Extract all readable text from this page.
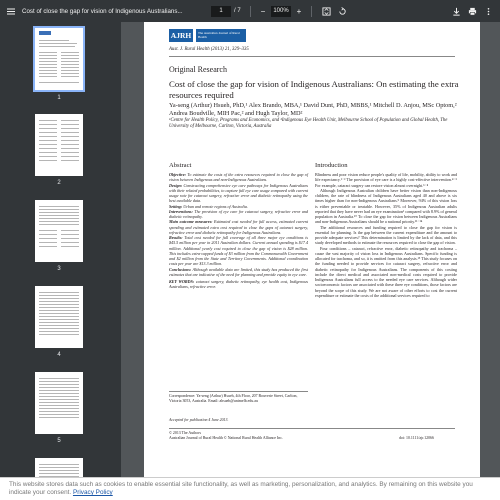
Cost of close the gap for vision of Indigenous Australians...	1	/ 7	−	100% +
1
2
3
4
5
AJRH	The Australian Journal of Rural Health
Aust. J. Rural Health (2013) 21, 329–335
Original Research
Cost of close the gap for vision of Indigenous Australians: On estimating the extra resources required
Ya-seng (Arthur) Hsueh, PhD,¹ Alex Brando, MBA,¹ David Dunt, PhD, MBBS,¹ Mitchell D. Anjou, MSc Optom,² Andrea Boudville, MIH Pac,² and Hugh Taylor, MD²
¹Centre for Health Policy, Programs and Economics, and ²Indigenous Eye Health Unit, Melbourne School of Population and Global Health, The University of Melbourne, Carlton, Victoria, Australia
Abstract

Objective: To estimate the costs of the extra resources required to close the gap of vision between Indigenous and non-Indigenous Australians.

Design: Constructing comprehensive eye care pathways for Indigenous Australians with their related probabilities, to capture full eye care usage compared with current usage rate for cataract surgery, refractive error and diabetic retinopathy using the best available data.

Setting: Urban and remote regions of Australia.

Interventions: The provision of eye care for cataract surgery, refractive error and diabetic retinopathy.

Main outcome measures: Estimated cost needed for full access, estimated current spending and estimated extra cost required to close the gaps of cataract surgery, refractive error and diabetic retinopathy for Indigenous Australians.

Results: Total cost needed for full coverage of all three major eye conditions is $45.5 million per year in 2011 Australian dollars. Current annual spending is $17.4 million. Additional yearly cost required to close the gap of vision is $28 million. This includes extra-capped funds of $3 million from the Commonwealth Government and $2 million from the State and Territory Governments. Additional coordination costs per year are $13.3 million.

Conclusions: Although available data are limited, this study has produced the first estimates that are indicative of the need for planning and provide equity in eye care.

KEY WORDS: cataract surgery, diabetic retinopathy, eye health cost, Indigenous Australians, refractive error.

Correspondence: Ya-seng (Arthur) Hsueh, 4th Floor, 207 Bouverie Street, Carlton, Victoria 3053, Australia. Email: ahsueh@unimelb.edu.au
Accepted for publication 4 June 2013.
Introduction

Blindness and poor vision reduce people's quality of life, mobility, ability to work and life expectancy.¹⁻³ The provision of eye care is a highly cost-effective intervention.⁴⁻⁶ For example, cataract surgery can restore vision almost overnight.⁶⁻⁸

Although Indigenous Australian children have better vision than non-Indigenous children, the rate of blindness of Indigenous Australians aged 40 and above is six times higher than for non-Indigenous Australians.⁹ Moreover, 94% of this vision loss is either preventable or treatable. However, 35% of Indigenous Australian adults reported that they have never had an eye examination¹ compared with 8.9% of general population in Australia.¹⁰ To close the gap for vision between Indigenous Australians and non-Indigenous Australians should be a national priority.¹¹⁻¹⁴

The additional resources and funding required to close the gap for vision is essential for planning. Is the gap between the current expenditure and the amount to provide adequate services? This determination is limited by the lack of data, and this study developed methods to estimate the resources required to close the gap of vision.

Four conditions – cataract, refractive error, diabetic retinopathy and trachoma – cause the vast majority of vision loss in Indigenous Australians. Specific funding is allocated for trachoma, and so, it is omitted from this analysis.¹⁵ This study focuses on the funding needed to provide services for cataract surgery, refractive error and diabetic retinopathy for Indigenous Australians. The components of this costing include the direct medical and associated non-medical costs required to provide Indigenous Australians full access to the needed eye care services. Although wider socioeconomic factors are associated with these three eye conditions, those factors are beyond the scope of this study. We are not aware of other efforts to cost the current expenditure or estimate the costs of the additional services required to

© 2013 The Authors
Australian Journal of Rural Health © National Rural Health Alliance Inc.	doi: 10.1111/ajr.12066
This website stores data such as cookies to enable essential site functionality, as well as marketing, personalization, and analytics. By remaining on this website you indicate your consent. Privacy Policy
